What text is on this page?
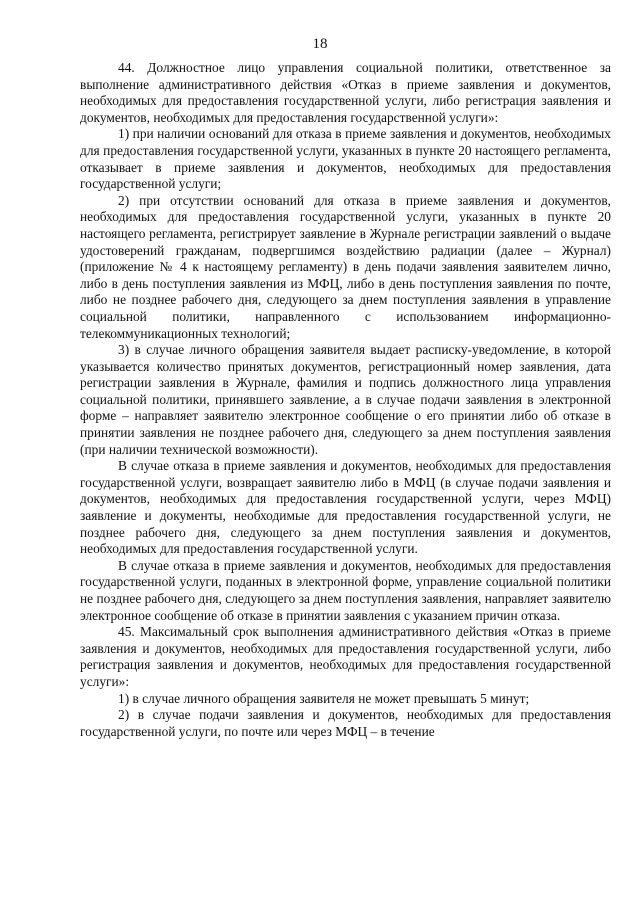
18

44. Должностное лицо управления социальной политики, ответственное за выполнение административного действия «Отказ в приеме заявления и документов, необходимых для предоставления государственной услуги, либо регистрация заявления и документов, необходимых для предоставления государственной услуги»:

1) при наличии оснований для отказа в приеме заявления и документов, необходимых для предоставления государственной услуги, указанных в пункте 20 настоящего регламента, отказывает в приеме заявления и документов, необходимых для предоставления государственной услуги;

2) при отсутствии оснований для отказа в приеме заявления и документов, необходимых для предоставления государственной услуги, указанных в пункте 20 настоящего регламента, регистрирует заявление в Журнале регистрации заявлений о выдаче удостоверений гражданам, подвергшимся воздействию радиации (далее – Журнал) (приложение № 4 к настоящему регламенту) в день подачи заявления заявителем лично, либо в день поступления заявления из МФЦ, либо в день поступления заявления по почте, либо не позднее рабочего дня, следующего за днем поступления заявления в управление социальной политики, направленного с использованием информационно-телекоммуникационных технологий;

3) в случае личного обращения заявителя выдает расписку-уведомление, в которой указывается количество принятых документов, регистрационный номер заявления, дата регистрации заявления в Журнале, фамилия и подпись должностного лица управления социальной политики, принявшего заявление, а в случае подачи заявления в электронной форме – направляет заявителю электронное сообщение о его принятии либо об отказе в принятии заявления не позднее рабочего дня, следующего за днем поступления заявления (при наличии технической возможности).

В случае отказа в приеме заявления и документов, необходимых для предоставления государственной услуги, возвращает заявителю либо в МФЦ (в случае подачи заявления и документов, необходимых для предоставления государственной услуги, через МФЦ) заявление и документы, необходимые для предоставления государственной услуги, не позднее рабочего дня, следующего за днем поступления заявления и документов, необходимых для предоставления государственной услуги.

В случае отказа в приеме заявления и документов, необходимых для предоставления государственной услуги, поданных в электронной форме, управление социальной политики не позднее рабочего дня, следующего за днем поступления заявления, направляет заявителю электронное сообщение об отказе в принятии заявления с указанием причин отказа.

45. Максимальный срок выполнения административного действия «Отказ в приеме заявления и документов, необходимых для предоставления государственной услуги, либо регистрация заявления и документов, необходимых для предоставления государственной услуги»:

1) в случае личного обращения заявителя не может превышать 5 минут;

2) в случае подачи заявления и документов, необходимых для предоставления государственной услуги, по почте или через МФЦ – в течение
